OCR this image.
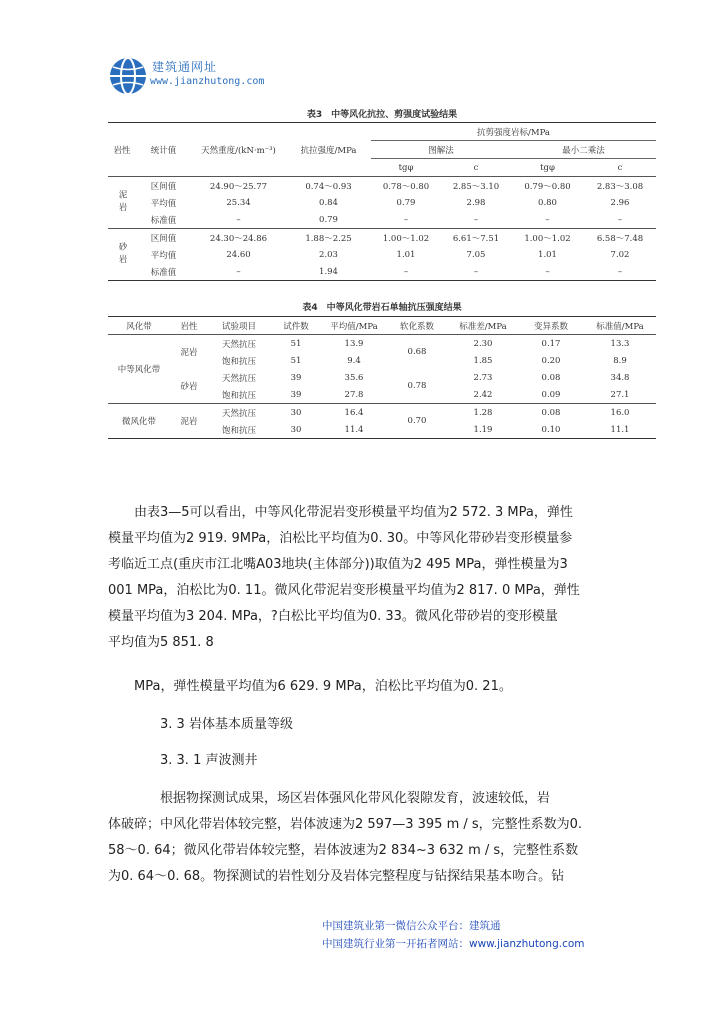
建筑通网址
www.jianzhutong.com
表3　中等风化抗拉、剪强度试验结果
岩性	统计值	天然重度/(kN·m⁻³)	抗拉强度/MPa	抗剪强度岩标/MPa			
				图解法		最小二乘法	
				tgφ	c	tgφ	c
泥岩	区间值	24.90～25.77	0.74～0.93	0.78～0.80	2.85～3.10	0.79～0.80	2.83～3.08
	平均值	25.34	0.84	0.79	2.98	0.80	2.96
	标准值	–	0.79	–	–	–	–
砂岩	区间值	24.30～24.86	1.88～2.25	1.00～1.02	6.61～7.51	1.00～1.02	6.58～7.48
	平均值	24.60	2.03	1.01	7.05	1.01	7.02
	标准值	–	1.94	–	–	–	–
表4　中等风化带岩石单轴抗压强度结果
风化带	岩性	试验项目	试件数	平均值/MPa	软化系数	标准差/MPa	变异系数	标准值/MPa
中等风化带	泥岩	天然抗压	51	13.9	0.68	2.30	0.17	13.3
		饱和抗压	51	9.4		1.85	0.20	8.9
	砂岩	天然抗压	39	35.6	0.78	2.73	0.08	34.8
		饱和抗压	39	27.8		2.42	0.09	27.1
微风化带	泥岩	天然抗压	30	16.4	0.70	1.28	0.08	16.0
		饱和抗压	30	11.4		1.19	0.10	11.1
　　由表3—5可以看出，中等风化带泥岩变形模量平均值为2 572. 3 MPa，弹性
模量平均值为2 919. 9MPa，泊松比平均值为0. 30。中等风化带砂岩变形模量参
考临近工点(重庆市江北嘴A03地块(主体部分))取值为2 495 MPa，弹性模量为3
001 MPa，泊松比为0. 11。微风化带泥岩变形模量平均值为2 817. 0 MPa，弹性
模量平均值为3 204. MPa，?白松比平均值为0. 33。微风化带砂岩的变形模量
平均值为5 851. 8
　　MPa，弹性模量平均值为6 629. 9 MPa，泊松比平均值为0. 21。
　　　　3. 3 岩体基本质量等级
　　　　3. 3. 1 声波测井
　　　　根据物探测试成果，场区岩体强风化带风化裂隙发育，波速较低，岩
体破碎；中风化带岩体较完整，岩体波速为2 597—3 395 m / s，完整性系数为0.
58～0. 64；微风化带岩体较完整，岩体波速为2 834~3 632 m / s，完整性系数
为0. 64～0. 68。物探测试的岩性划分及岩体完整程度与钻探结果基本吻合。钻
中国建筑业第一微信公众平台：建筑通
中国建筑行业第一开拓者网站：www.jianzhutong.com
